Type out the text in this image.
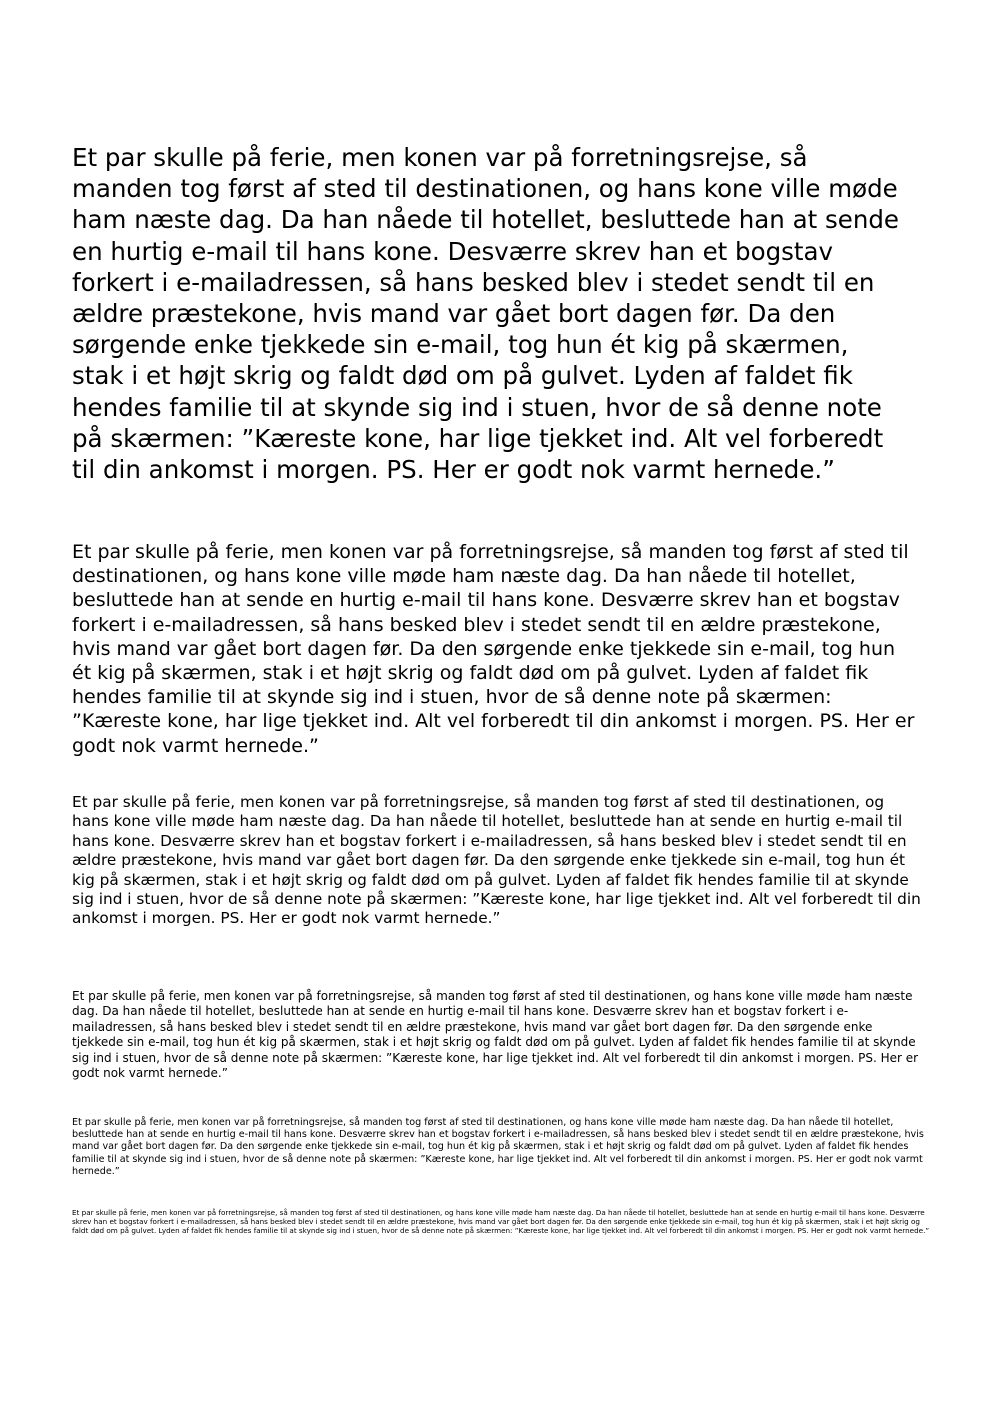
Et par skulle på ferie, men konen var på forretningsrejse, så manden tog først af sted til destinationen, og hans kone ville møde ham næste dag. Da han nåede til hotellet, besluttede han at sende en hurtig e-mail til hans kone. Desværre skrev han et bogstav forkert i e-mailadressen, så hans besked blev i stedet sendt til en ældre præstekone, hvis mand var gået bort dagen før. Da den sørgende enke tjekkede sin e-mail, tog hun ét kig på skærmen, stak i et højt skrig og faldt død om på gulvet. Lyden af faldet fik hendes familie til at skynde sig ind i stuen, hvor de så denne note på skærmen: ”Kæreste kone, har lige tjekket ind. Alt vel forberedt til din ankomst i morgen. PS. Her er godt nok varmt hernede.”

Et par skulle på ferie, men konen var på forretningsrejse, så manden tog først af sted til destinationen, og hans kone ville møde ham næste dag. Da han nåede til hotellet, besluttede han at sende en hurtig e-mail til hans kone. Desværre skrev han et bogstav forkert i e-mailadressen, så hans besked blev i stedet sendt til en ældre præstekone, hvis mand var gået bort dagen før. Da den sørgende enke tjekkede sin e-mail, tog hun ét kig på skærmen, stak i et højt skrig og faldt død om på gulvet. Lyden af faldet fik hendes familie til at skynde sig ind i stuen, hvor de så denne note på skærmen: ”Kæreste kone, har lige tjekket ind. Alt vel forberedt til din ankomst i morgen. PS. Her er godt nok varmt hernede.”

Et par skulle på ferie, men konen var på forretningsrejse, så manden tog først af sted til destinationen, og hans kone ville møde ham næste dag. Da han nåede til hotellet, besluttede han at sende en hurtig e-mail til hans kone. Desværre skrev han et bogstav forkert i e-mailadressen, så hans besked blev i stedet sendt til en ældre præstekone, hvis mand var gået bort dagen før. Da den sørgende enke tjekkede sin e-mail, tog hun ét kig på skærmen, stak i et højt skrig og faldt død om på gulvet. Lyden af faldet fik hendes familie til at skynde sig ind i stuen, hvor de så denne note på skærmen: ”Kæreste kone, har lige tjekket ind. Alt vel forberedt til din ankomst i morgen. PS. Her er godt nok varmt hernede.”

Et par skulle på ferie, men konen var på forretningsrejse, så manden tog først af sted til destinationen, og hans kone ville møde ham næste dag. Da han nåede til hotellet, besluttede han at sende en hurtig e-mail til hans kone. Desværre skrev han et bogstav forkert i e-mailadressen, så hans besked blev i stedet sendt til en ældre præstekone, hvis mand var gået bort dagen før. Da den sørgende enke tjekkede sin e-mail, tog hun ét kig på skærmen, stak i et højt skrig og faldt død om på gulvet. Lyden af faldet fik hendes familie til at skynde sig ind i stuen, hvor de så denne note på skærmen: ”Kæreste kone, har lige tjekket ind. Alt vel forberedt til din ankomst i morgen. PS. Her er godt nok varmt hernede.”

Et par skulle på ferie, men konen var på forretningsrejse, så manden tog først af sted til destinationen, og hans kone ville møde ham næste dag. Da han nåede til hotellet, besluttede han at sende en hurtig e-mail til hans kone. Desværre skrev han et bogstav forkert i e-mailadressen, så hans besked blev i stedet sendt til en ældre præstekone, hvis mand var gået bort dagen før. Da den sørgende enke tjekkede sin e-mail, tog hun ét kig på skærmen, stak i et højt skrig og faldt død om på gulvet. Lyden af faldet fik hendes familie til at skynde sig ind i stuen, hvor de så denne note på skærmen: ”Kæreste kone, har lige tjekket ind. Alt vel forberedt til din ankomst i morgen. PS. Her er godt nok varmt hernede.”

Et par skulle på ferie, men konen var på forretningsrejse, så manden tog først af sted til destinationen, og hans kone ville møde ham næste dag. Da han nåede til hotellet, besluttede han at sende en hurtig e-mail til hans kone. Desværre skrev han et bogstav forkert i e-mailadressen, så hans besked blev i stedet sendt til en ældre præstekone, hvis mand var gået bort dagen før. Da den sørgende enke tjekkede sin e-mail, tog hun ét kig på skærmen, stak i et højt skrig og faldt død om på gulvet. Lyden af faldet fik hendes familie til at skynde sig ind i stuen, hvor de så denne note på skærmen: ”Kæreste kone, har lige tjekket ind. Alt vel forberedt til din ankomst i morgen. PS. Her er godt nok varmt hernede.”
